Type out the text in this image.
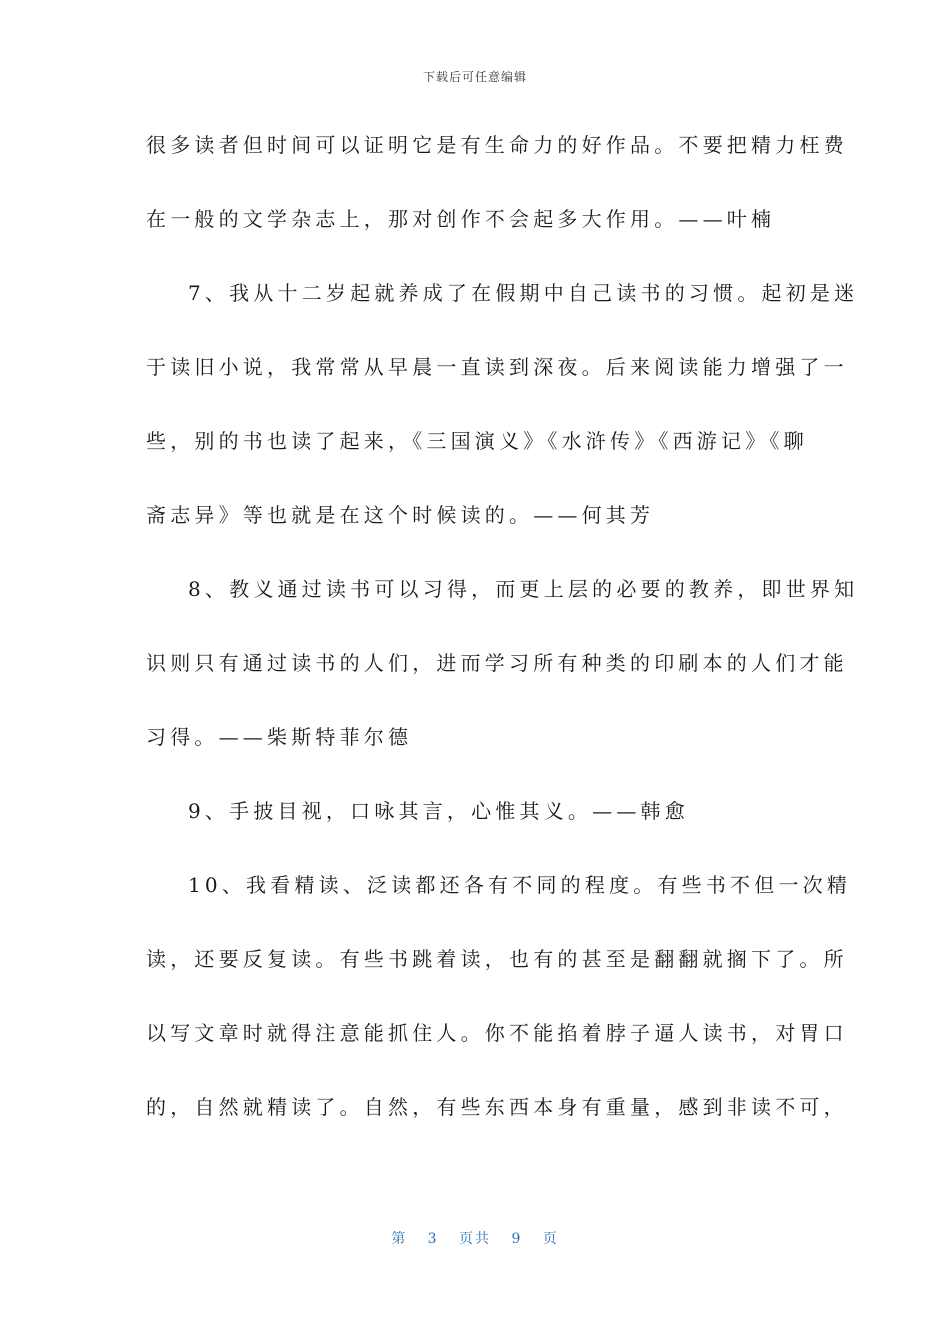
下载后可任意编辑
很多读者但时间可以证明它是有生命力的好作品。不要把精力枉费
在一般的文学杂志上，那对创作不会起多大作用。——叶楠
7、我从十二岁起就养成了在假期中自己读书的习惯。起初是迷
于读旧小说，我常常从早晨一直读到深夜。后来阅读能力增强了一
些，别的书也读了起来，《三国演义》《水浒传》《西游记》《聊
斋志异》等也就是在这个时候读的。——何其芳
8、教义通过读书可以习得，而更上层的必要的教养，即世界知
识则只有通过读书的人们，进而学习所有种类的印刷本的人们才能
习得。——柴斯特菲尔德
9、手披目视，口咏其言，心惟其义。——韩愈
10、我看精读、泛读都还各有不同的程度。有些书不但一次精
读，还要反复读。有些书跳着读，也有的甚至是翻翻就搁下了。所
以写文章时就得注意能抓住人。你不能掐着脖子逼人读书，对胃口
的，自然就精读了。自然，有些东西本身有重量，感到非读不可，
第 3 页共 9 页
